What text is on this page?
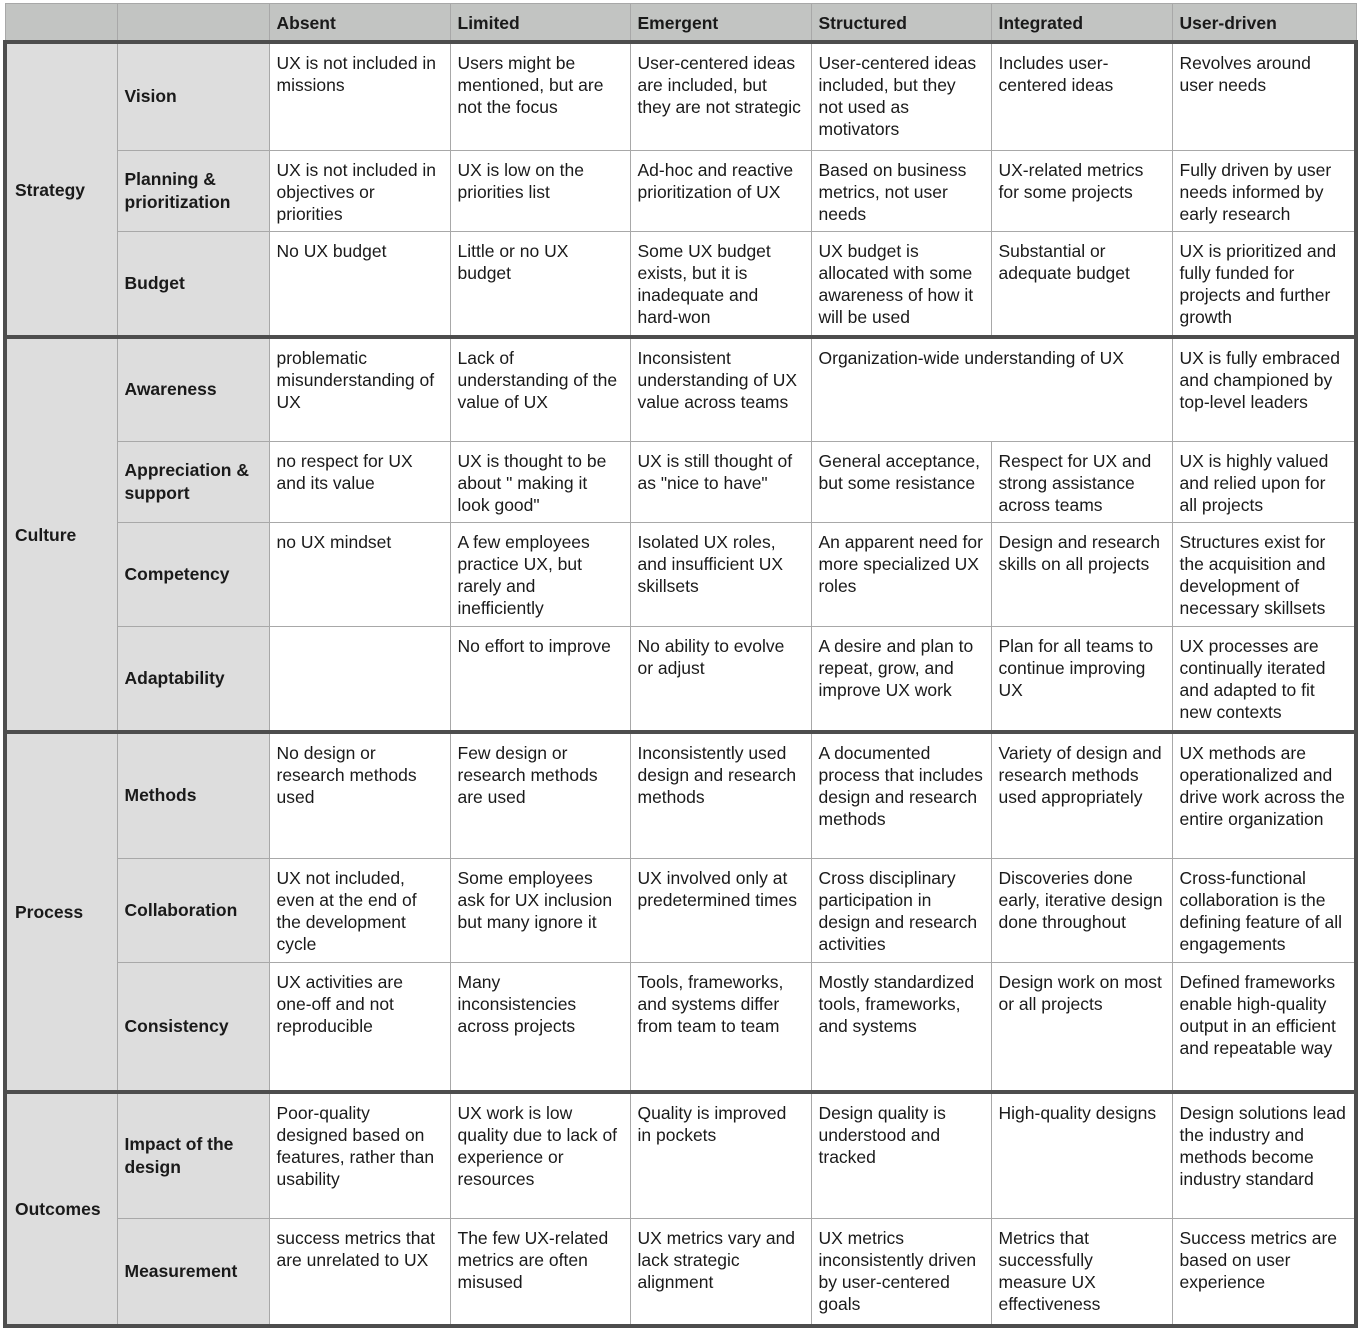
		Absent	Limited	Emergent	Structured	Integrated	User-driven
Strategy	Vision	UX is not included in missions	Users might be mentioned, but are not the focus	User-centered ideas are included, but they are not strategic	User-centered ideas included, but they not used as motivators	Includes user-centered ideas	Revolves around user needs
	Planning & prioritization	UX is not included in objectives or priorities	UX is low on the priorities list	Ad-hoc and reactive prioritization of UX	Based on business metrics, not user needs	UX-related metrics for some projects	Fully driven by user needs informed by early research
	Budget	No UX budget	Little or no UX budget	Some UX budget exists, but it is inadequate and hard-won	UX budget is allocated with some awareness of how it will be used	Substantial or adequate budget	UX is prioritized and fully funded for projects and further growth
Culture	Awareness	problematic misunderstanding of UX	Lack of understanding of the value of UX	Inconsistent understanding of UX value across teams	Organization-wide understanding of UX		UX is fully embraced and championed by top-level leaders
	Appreciation & support	no respect for UX and its value	UX is thought to be about " making it look good"	UX is still thought of as "nice to have"	General acceptance, but some resistance	Respect for UX and strong assistance across teams	UX is highly valued and relied upon for all projects
	Competency	no UX mindset	A few employees practice UX, but rarely and inefficiently	Isolated UX roles, and insufficient UX skillsets	An apparent need for more specialized UX roles	Design and research skills on all projects	Structures exist for the acquisition and development of necessary skillsets
	Adaptability		No effort to improve	No ability to evolve or adjust	A desire and plan to repeat, grow, and improve UX work	Plan for all teams to continue improving UX	UX processes are continually iterated and adapted to fit new contexts
Process	Methods	No design or research methods used	Few design or research methods are used	Inconsistently used design and research methods	A documented process that includes design and research methods	Variety of design and research methods used appropriately	UX methods are operationalized and drive work across the entire organization
	Collaboration	UX not included, even at the end of the development cycle	Some employees ask for UX inclusion but many ignore it	UX involved only at predetermined times	Cross disciplinary participation in design and research activities	Discoveries done early, iterative design done throughout	Cross-functional collaboration is the defining feature of all engagements
	Consistency	UX activities are one-off and not reproducible	Many inconsistencies across projects	Tools, frameworks, and systems differ from team to team	Mostly standardized tools, frameworks, and systems	Design work on most or all projects	Defined frameworks enable high-quality output in an efficient and repeatable way
Outcomes	Impact of the design	Poor-quality designed based on features, rather than usability	UX work is low quality due to lack of experience or resources	Quality is improved in pockets	Design quality is understood and tracked	High-quality designs	Design solutions lead the industry and methods become industry standard
	Measurement	success metrics that are unrelated to UX	The few UX-related metrics are often misused	UX metrics vary and lack strategic alignment	UX metrics inconsistently driven by user-centered goals	Metrics that successfully measure UX effectiveness	Success metrics are based on user experience
